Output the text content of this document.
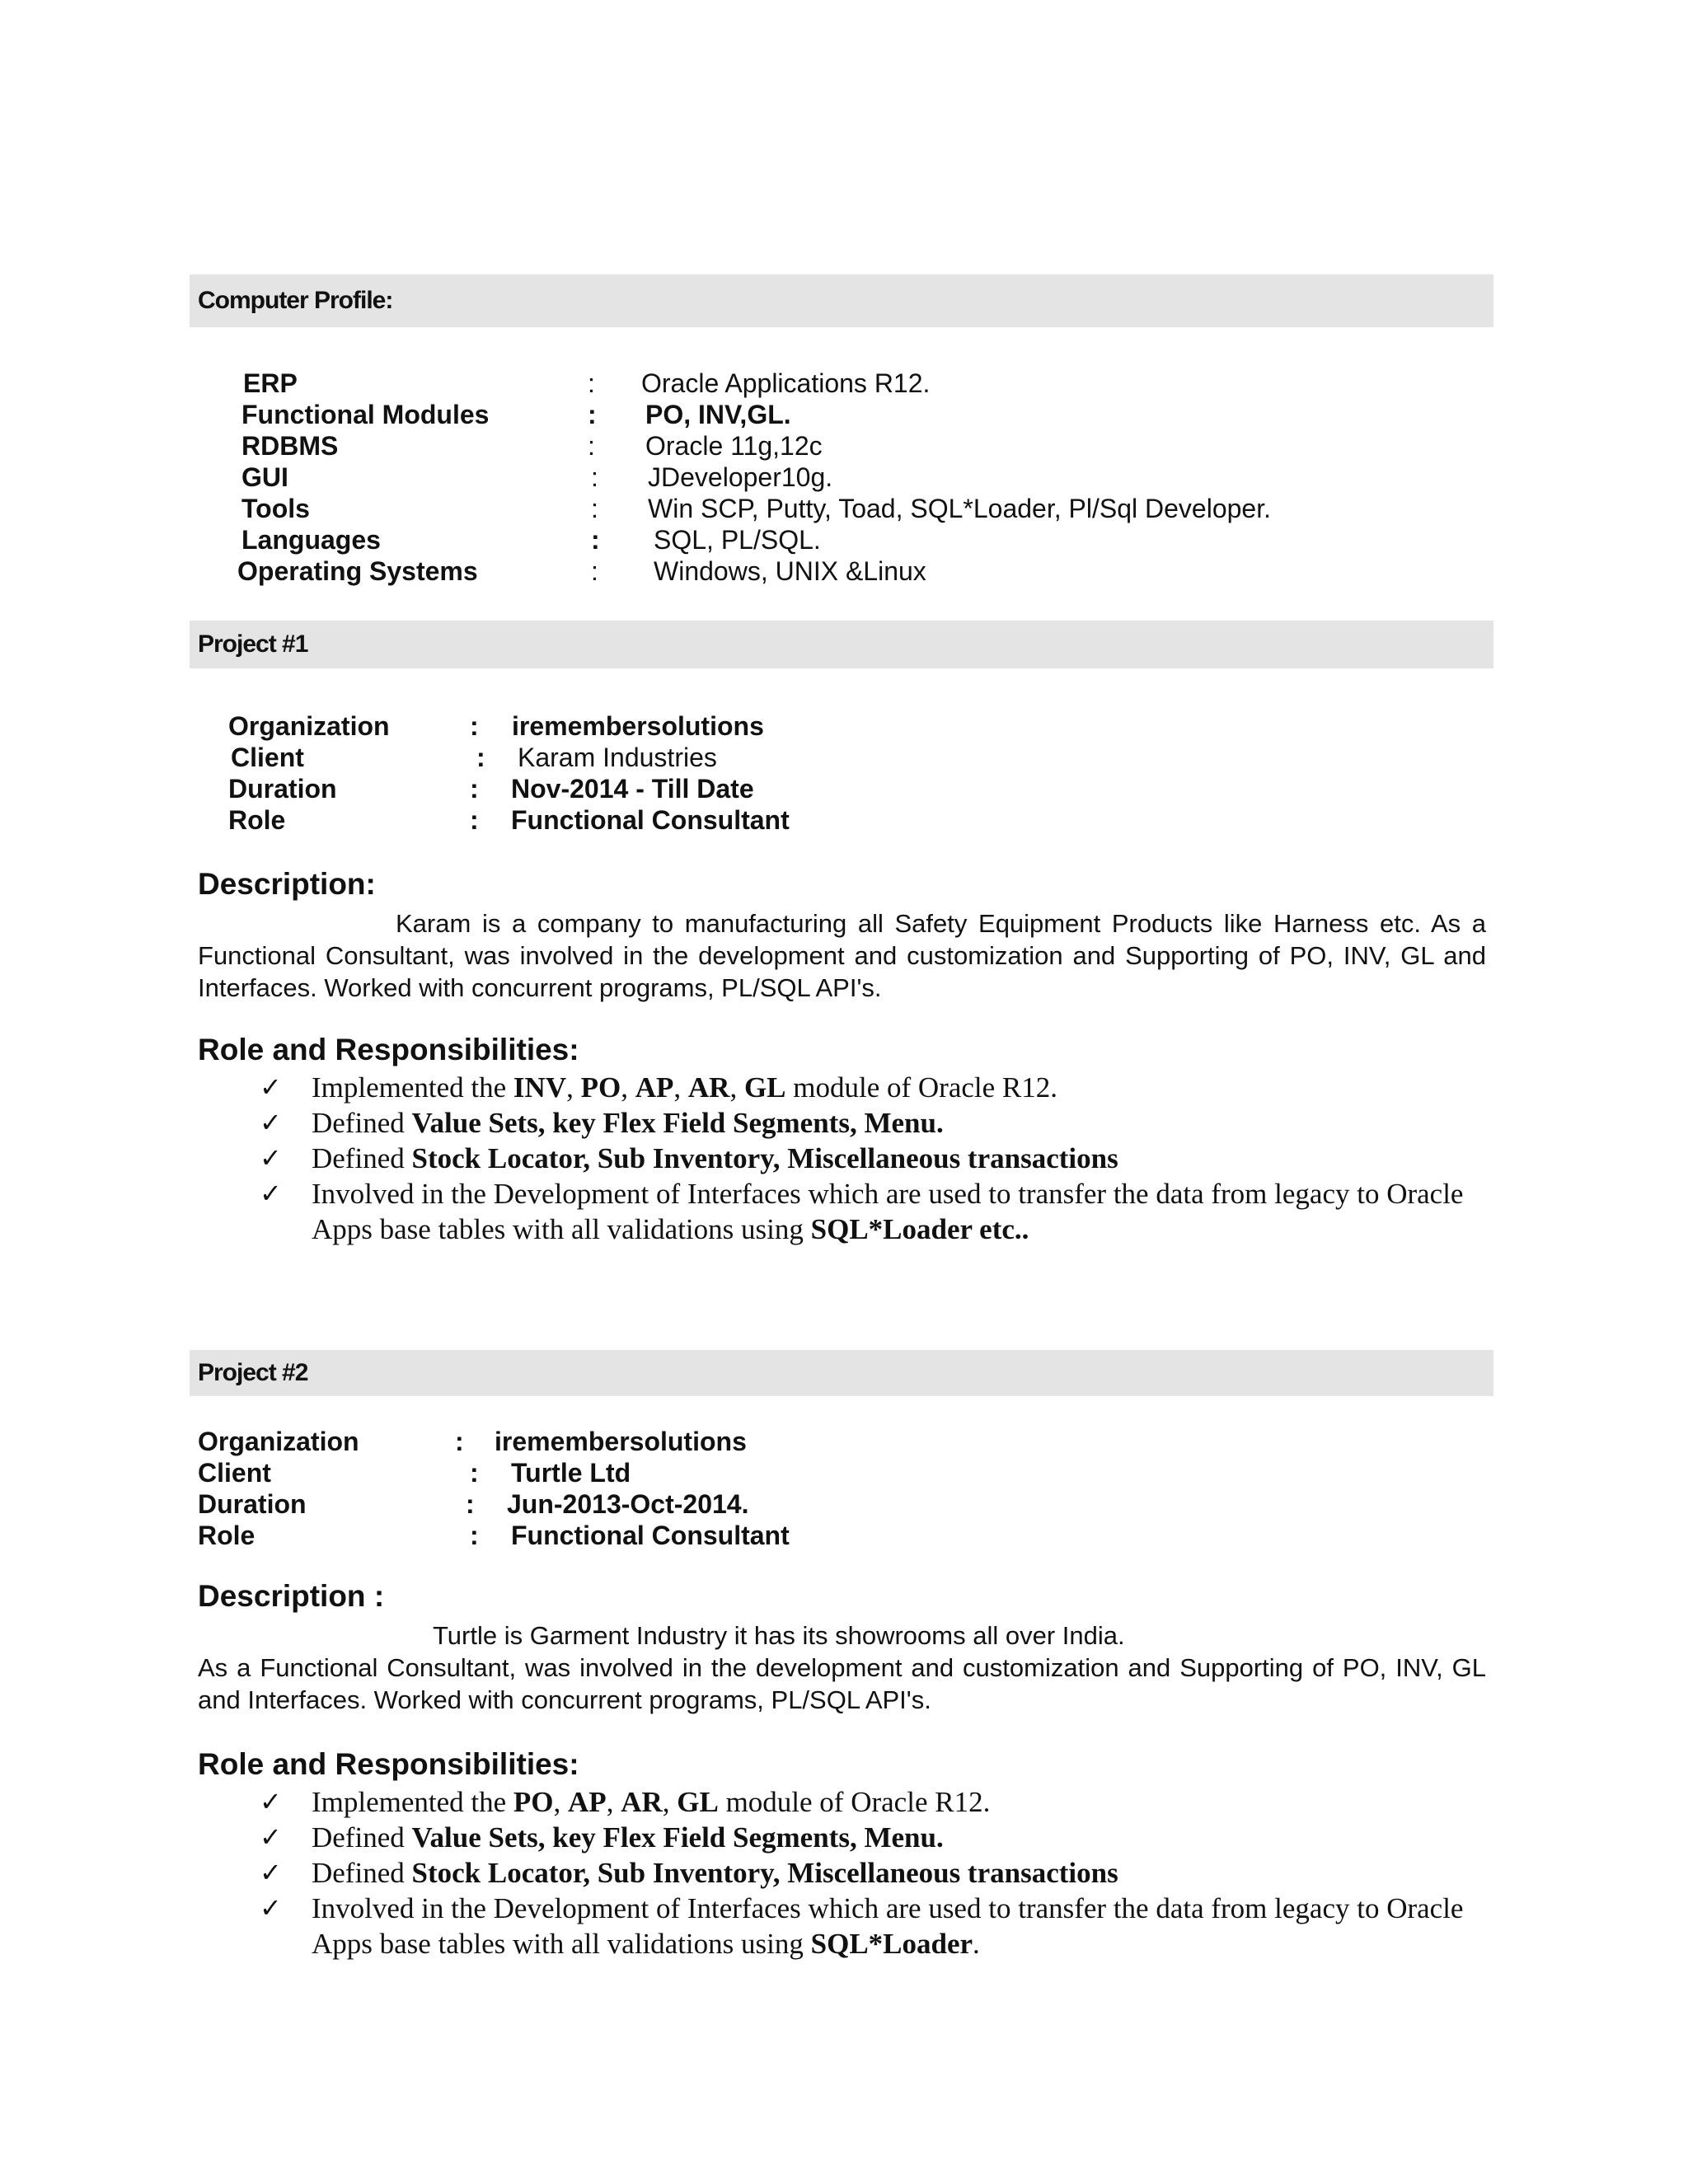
Computer Profile:
ERP	: Oracle Applications R12.
Functional Modules	: PO, INV,GL.
RDBMS	: Oracle 11g,12c
GUI	: JDeveloper10g.
Tools	: Win SCP, Putty, Toad, SQL*Loader, Pl/Sql Developer.
Languages	: SQL, PL/SQL.
Operating Systems	: Windows, UNIX &Linux
Project #1
Organization	: iremembersolutions
Client	: Karam Industries
Duration	: Nov-2014 - Till Date
Role	: Functional Consultant
Description:

Karam is a company to manufacturing all Safety Equipment Products like Harness etc. As a Functional Consultant, was involved in the development and customization and Supporting of PO, INV, GL and Interfaces. Worked with concurrent programs, PL/SQL API's.

Role and Responsibilities:
✓ Implemented the INV, PO, AP, AR, GL module of Oracle R12.
✓ Defined Value Sets, key Flex Field Segments, Menu.
✓ Defined Stock Locator, Sub Inventory, Miscellaneous transactions
✓ Involved in the Development of Interfaces which are used to transfer the data from legacy to Oracle Apps base tables with all validations using SQL*Loader etc..
Project #2
Organization	: iremembersolutions
Client	: Turtle Ltd
Duration	: Jun-2013-Oct-2014.
Role	: Functional Consultant
Description :
Turtle is Garment Industry it has its showrooms all over India.

As a Functional Consultant, was involved in the development and customization and Supporting of PO, INV, GL and Interfaces. Worked with concurrent programs, PL/SQL API's.

Role and Responsibilities:
✓ Implemented the PO, AP, AR, GL module of Oracle R12.
✓ Defined Value Sets, key Flex Field Segments, Menu.
✓ Defined Stock Locator, Sub Inventory, Miscellaneous transactions
✓ Involved in the Development of Interfaces which are used to transfer the data from legacy to Oracle Apps base tables with all validations using SQL*Loader.
